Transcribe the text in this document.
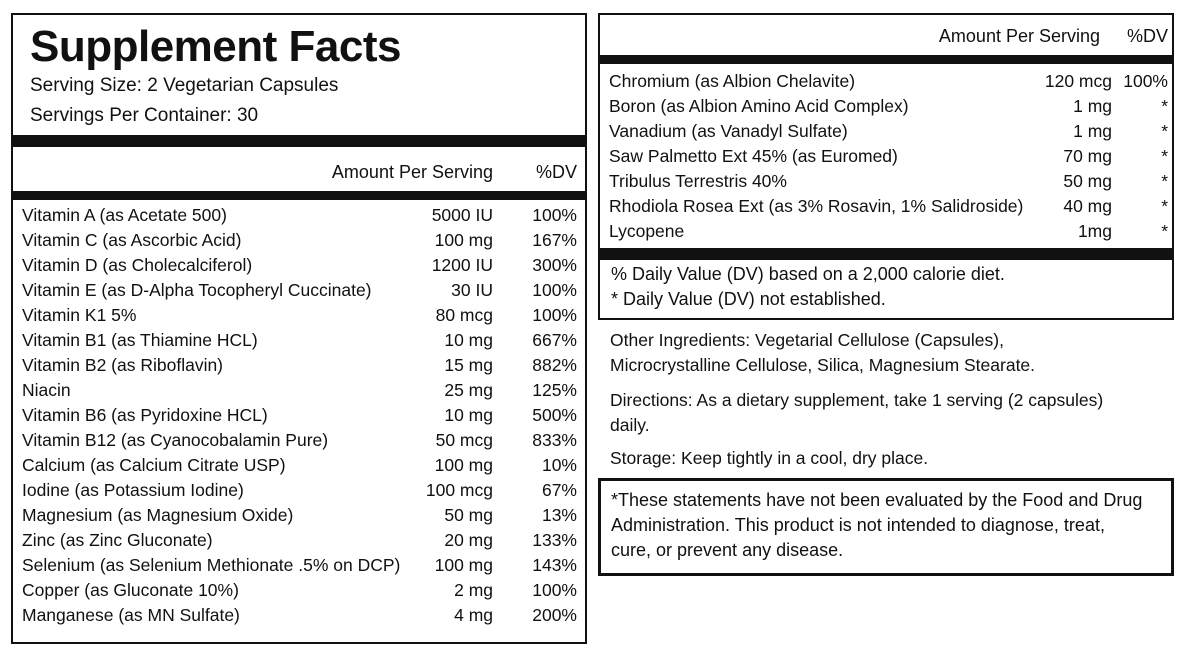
Supplement Facts
Serving Size: 2 Vegetarian Capsules
Servings Per Container: 30
Amount Per Serving %DV
Vitamin A (as Acetate 500)	5000 IU 100%
Vitamin C (as Ascorbic Acid)	100 mg 167%
Vitamin D (as Cholecalciferol)	1200 IU 300%
Vitamin E (as D-Alpha Tocopheryl Cuccinate)	30 IU 100%
Vitamin K1 5%	80 mcg 100%
Vitamin B1 (as Thiamine HCL)	10 mg 667%
Vitamin B2 (as Riboflavin)	15 mg 882%
Niacin	25 mg 125%
Vitamin B6 (as Pyridoxine HCL)	10 mg 500%
Vitamin B12 (as Cyanocobalamin Pure)	50 mcg 833%
Calcium (as Calcium Citrate USP)	100 mg	10%
Iodine (as Potassium Iodine)	100 mcg	67%
Magnesium (as Magnesium Oxide)	50 mg	13%
Zinc (as Zinc Gluconate)	20 mg 133%
Selenium (as Selenium Methionate .5% on DCP) 100 mg 143%
Copper (as Gluconate 10%)	2 mg 100%
Manganese (as MN Sulfate)	4 mg 200%
Amount Per Serving %DV
Chromium (as Albion Chelavite)	120 mcg 100%
Boron (as Albion Amino Acid Complex)	1 mg	*
Vanadium (as Vanadyl Sulfate)	1 mg	*
Saw Palmetto Ext 45% (as Euromed)	70 mg	*
Tribulus Terrestris 40%	50 mg	*
Rhodiola Rosea Ext (as 3% Rosavin, 1% Salidroside) 40 mg	*
Lycopene	1mg	*
% Daily Value (DV) based on a 2,000 calorie diet.
* Daily Value (DV) not established.
Other Ingredients: Vegetarial Cellulose (Capsules),
Microcrystalline Cellulose, Silica, Magnesium Stearate.
Directions: As a dietary supplement, take 1 serving (2 capsules)
daily.
Storage: Keep tightly in a cool, dry place.
*These statements have not been evaluated by the Food and Drug
Administration. This product is not intended to diagnose, treat,
cure, or prevent any disease.
